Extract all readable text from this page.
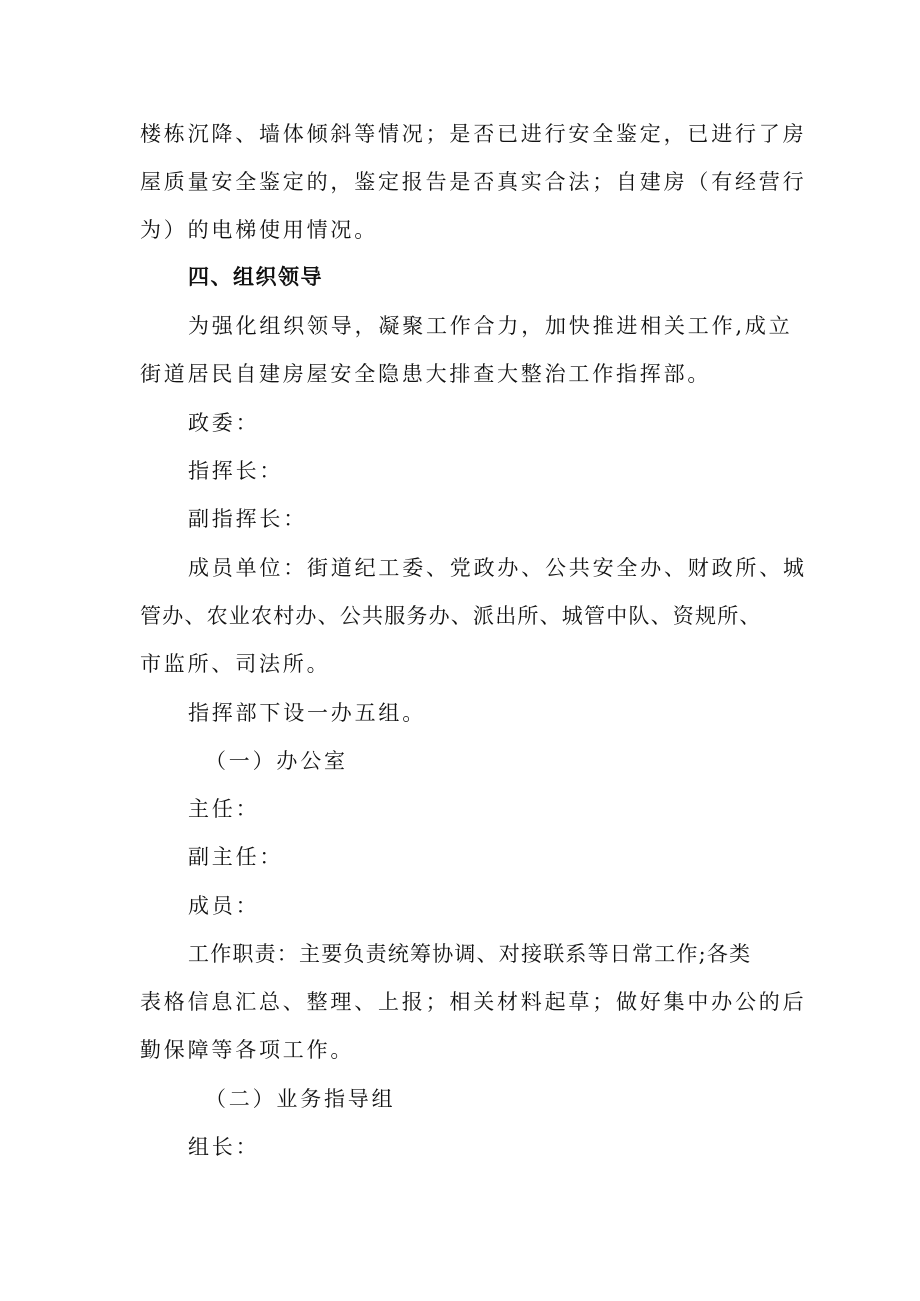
楼栋沉降、墙体倾斜等情况；是否已进行安全鉴定，已进行了房

屋质量安全鉴定的，鉴定报告是否真实合法；自建房（有经营行

为）的电梯使用情况。

四、组织领导

为强化组织领导，凝聚工作合力，加快推进相关工作,成立

街道居民自建房屋安全隐患大排查大整治工作指挥部。

政委：

指挥长：

副指挥长：

成员单位：街道纪工委、党政办、公共安全办、财政所、城

管办、农业农村办、公共服务办、派出所、城管中队、资规所、

市监所、司法所。

指挥部下设一办五组。

（一）办公室

主任：

副主任：

成员：

工作职责：主要负责统筹协调、对接联系等日常工作;各类

表格信息汇总、整理、上报；相关材料起草；做好集中办公的后

勤保障等各项工作。

（二）业务指导组

组长：
